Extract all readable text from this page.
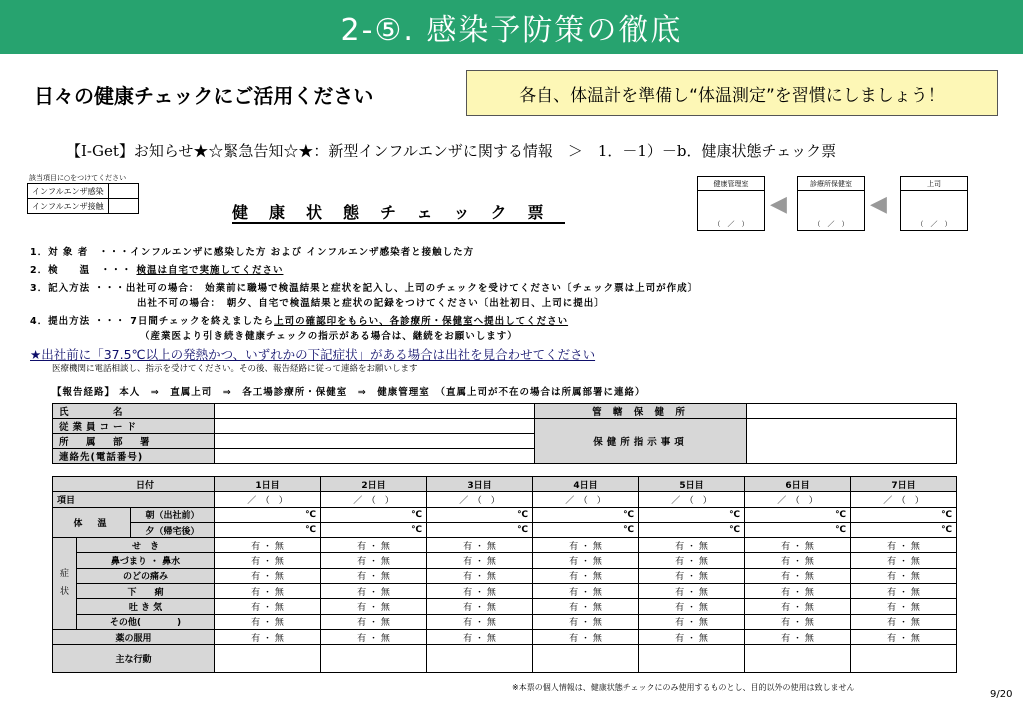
2-⑤. 感染予防策の徹底
日々の健康チェックにご活用ください	各自、体温計を準備し“体温測定”を習慣にしましょう！
【I-Get】お知らせ★☆緊急告知☆★：新型インフルエンザに関する情報　＞　1．－1）－b．健康状態チェック票
該当項目に○をつけてください
インフルエンザ感染	
インフルエンザ接触		健康状態チェック票
健康管理室
（　／　）
◀
診療所保健室
（　／　）
◀
上司
（　／　）
1．対 象 者　・・・インフルエンザに感染した方 および インフルエンザ感染者と接触した方
2．検　　温　・・・ 検温は自宅で実施してください
3．記入方法 ・・・出社可の場合：　始業前に職場で検温結果と症状を記入し、上司のチェックを受けてください〔チェック票は上司が作成〕
出社不可の場合：　朝夕、自宅で検温結果と症状の記録をつけてください〔出社初日、上司に提出〕
4．提出方法 ・・・ 7日間チェックを終えましたら上司の確認印をもらい、各診療所・保健室へ提出してください
（産業医より引き続き健康チェックの指示がある場合は、継続をお願いします）
★出社前に「37.5℃以上の発熱かつ、いずれかの下記症状」がある場合は出社を見合わせてください
医療機関に電話相談し、指示を受けてください。その後、報告経路に従って連絡をお願いします
【報告経路】 本人　⇒　直属上司　⇒　各工場診療所・保健室　⇒　健康管理室　（直属上司が不在の場合は所属部署に連絡）
氏　　　名		管 轄 保 健 所	
従業員コード		保健所指示事項	
所　属　部　署			
連絡先(電話番号)			
日付			1日目	2日目	3日目	4日目	5日目	6日目	7日目
項目			／　（　）	／　（　）	／　（　）	／　（　）	／　（　）	／　（　）	／　（　）
体　温		朝（出社前）	℃	℃	℃	℃	℃	℃	℃
		夕（帰宅後）	℃	℃	℃	℃	℃	℃	℃
症

状	せ　き		有 ・ 無	有 ・ 無	有 ・ 無	有 ・ 無	有 ・ 無	有 ・ 無	有 ・ 無
	鼻づまり ・ 鼻水		有 ・ 無	有 ・ 無	有 ・ 無	有 ・ 無	有 ・ 無	有 ・ 無	有 ・ 無
	のどの痛み		有 ・ 無	有 ・ 無	有 ・ 無	有 ・ 無	有 ・ 無	有 ・ 無	有 ・ 無
	下　　痢		有 ・ 無	有 ・ 無	有 ・ 無	有 ・ 無	有 ・ 無	有 ・ 無	有 ・ 無
	吐 き 気		有 ・ 無	有 ・ 無	有 ・ 無	有 ・ 無	有 ・ 無	有 ・ 無	有 ・ 無
	その他(　　　　)		有 ・ 無	有 ・ 無	有 ・ 無	有 ・ 無	有 ・ 無	有 ・ 無	有 ・ 無
薬の服用			有 ・ 無	有 ・ 無	有 ・ 無	有 ・ 無	有 ・ 無	有 ・ 無	有 ・ 無
主な行動									
※本票の個人情報は、健康状態チェックにのみ使用するものとし、目的以外の使用は致しません
9/20
